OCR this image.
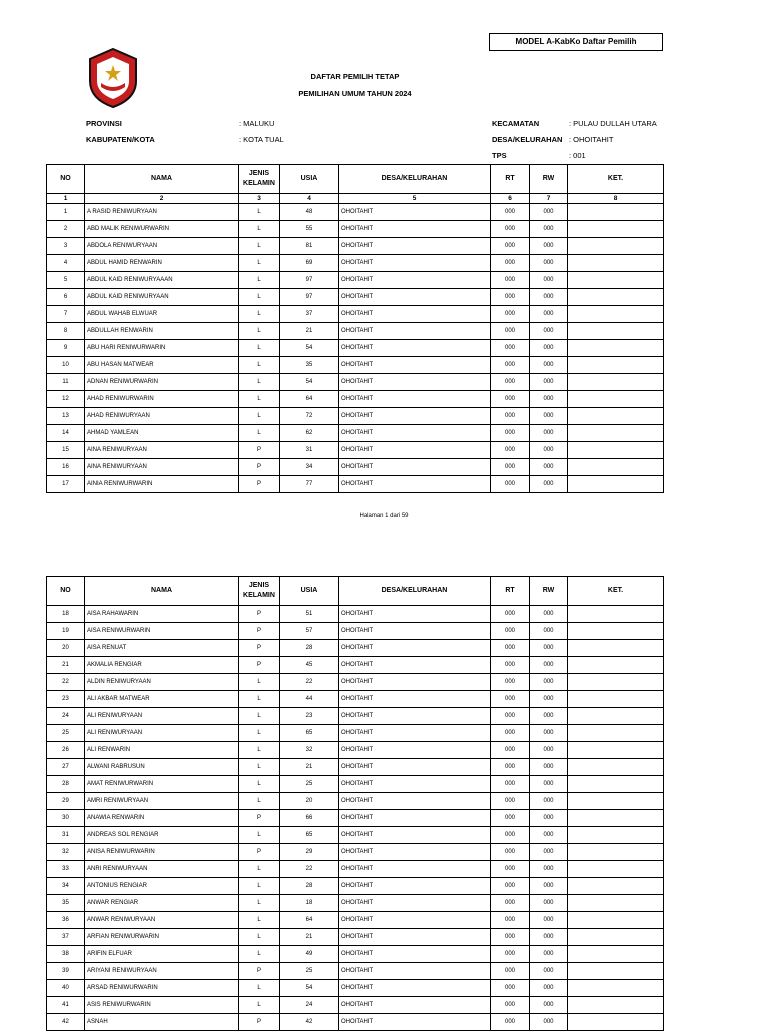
MODEL A-KabKo Daftar Pemilih
DAFTAR PEMILIH TETAP
PEMILIHAN UMUM TAHUN 2024
PROVINSI	: MALUKU
KABUPATEN/KOTA	: KOTA TUAL
KECAMATAN	: PULAU DULLAH UTARA
DESA/KELURAHAN : OHOITAHIT
TPS	: 001
NO	NAMA	JENIS
KELAMIN	USIA	DESA/KELURAHAN	RT	RW	KET.
1	2	3	4	5	6	7	8
1	A RASID RENIWURYAAN	L	48	OHOITAHIT	000	000	
2	ABD MALIK RENIWURWARIN	L	55	OHOITAHIT	000	000	
3	ABDOLA RENIWURYAAN	L	81	OHOITAHIT	000	000	
4	ABDUL HAMID RENWARIN	L	69	OHOITAHIT	000	000	
5	ABDUL KAID RENIWURYAAAN	L	97	OHOITAHIT	000	000	
6	ABDUL KAID RENIWURYAAN	L	97	OHOITAHIT	000	000	
7	ABDUL WAHAB ELWUAR	L	37	OHOITAHIT	000	000	
8	ABDULLAH RENWARIN	L	21	OHOITAHIT	000	000	
9	ABU HARI RENIWURWARIN	L	54	OHOITAHIT	000	000	
10	ABU HASAN MATWEAR	L	35	OHOITAHIT	000	000	
11	ADNAN RENIWURWARIN	L	54	OHOITAHIT	000	000	
12	AHAD RENIWURWARIN	L	64	OHOITAHIT	000	000	
13	AHAD RENIWURYAAN	L	72	OHOITAHIT	000	000	
14	AHMAD YAMLEAN	L	62	OHOITAHIT	000	000	
15	AINA RENIWURYAAN	P	31	OHOITAHIT	000	000	
16	AINA RENIWURYAAN	P	34	OHOITAHIT	000	000	
17	AINIA RENIWURWARIN	P	77	OHOITAHIT	000	000	
Halaman 1 dari 59
NO	NAMA	JENIS
KELAMIN	USIA	DESA/KELURAHAN	RT	RW	KET.
18	AISA RAHAWARIN	P	51	OHOITAHIT	000	000	
19	AISA RENIWURWARIN	P	57	OHOITAHIT	000	000	
20	AISA RENUAT	P	28	OHOITAHIT	000	000	
21	AKMALIA RENGIAR	P	45	OHOITAHIT	000	000	
22	ALDIN RENIWURYAAN	L	22	OHOITAHIT	000	000	
23	ALI AKBAR MATWEAR	L	44	OHOITAHIT	000	000	
24	ALI RENIWURYAAN	L	23	OHOITAHIT	000	000	
25	ALI RENIWURYAAN	L	65	OHOITAHIT	000	000	
26	ALI RENWARIN	L	32	OHOITAHIT	000	000	
27	ALWANI RABRUSUN	L	21	OHOITAHIT	000	000	
28	AMAT RENIWURWARIN	L	25	OHOITAHIT	000	000	
29	AMRI RENIWURYAAN	L	20	OHOITAHIT	000	000	
30	ANAWIA RENWARIN	P	66	OHOITAHIT	000	000	
31	ANDREAS SOL RENGIAR	L	65	OHOITAHIT	000	000	
32	ANISA RENIWURWARIN	P	29	OHOITAHIT	000	000	
33	ANRI RENIWURYAAN	L	22	OHOITAHIT	000	000	
34	ANTONIUS RENGIAR	L	28	OHOITAHIT	000	000	
35	ANWAR RENGIAR	L	18	OHOITAHIT	000	000	
36	ANWAR RENIWURYAAN	L	64	OHOITAHIT	000	000	
37	ARFIAN RENIWURWARIN	L	21	OHOITAHIT	000	000	
38	ARIFIN ELFUAR	L	49	OHOITAHIT	000	000	
39	ARIYANI RENIWURYAAN	P	25	OHOITAHIT	000	000	
40	ARSAD RENIWURWARIN	L	54	OHOITAHIT	000	000	
41	ASIS RENIWURWARIN	L	24	OHOITAHIT	000	000	
42	ASNAH	P	42	OHOITAHIT	000	000	
